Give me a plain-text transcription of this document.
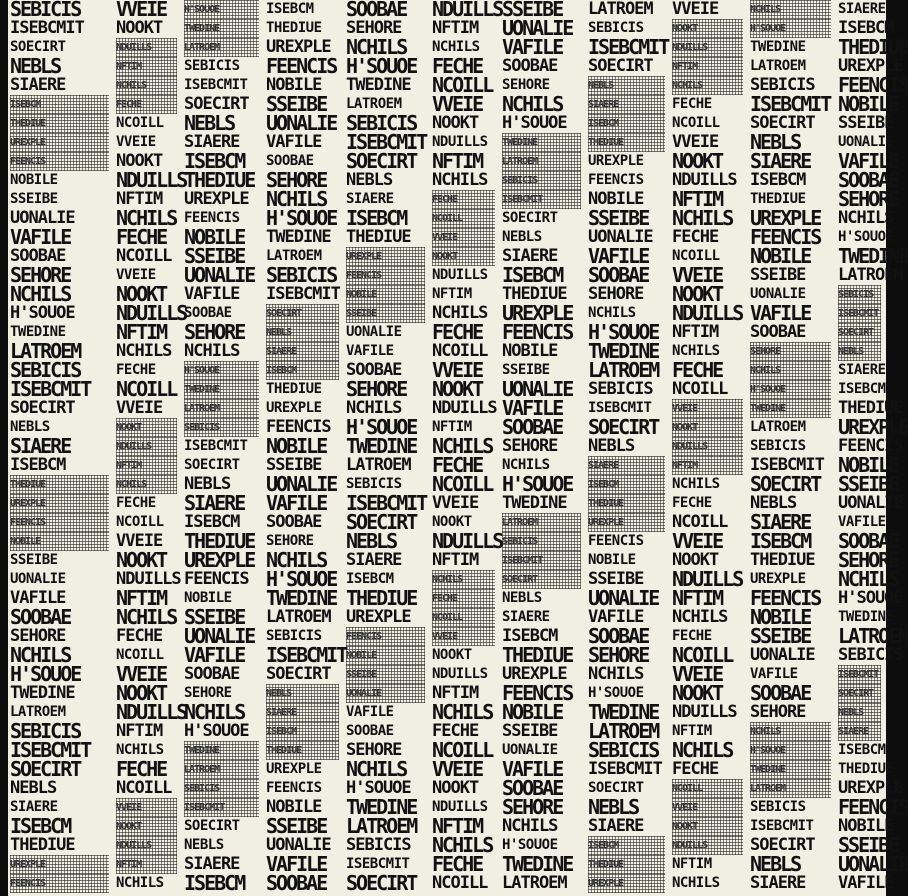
SEBICIS
ISEBCMIT
SOECIRT
NEBLS
SIAERE
ISEBCM
THEDIUE
UREXPLE
FEENCIS
NOBILE
SSEIBE
UONALIE
VAFILE
SOOBAE
SEHORE
NCHILS
H'SOUOE
TWEDINE
LATROEM
SEBICIS
ISEBCMIT
SOECIRT
NEBLS
SIAERE
ISEBCM
THEDIUE
UREXPLE
FEENCIS
NOBILE
SSEIBE
UONALIE
VAFILE
SOOBAE
SEHORE
NCHILS
H'SOUOE
TWEDINE
LATROEM
SEBICIS
ISEBCMIT
SOECIRT
NEBLS
SIAERE
ISEBCM
THEDIUE
UREXPLE
FEENCIS
VVEIE
NOOKT
NDUILLS
NFTIM
NCHILS
FECHE
NCOILL
VVEIE
NOOKT
NDUILLS
NFTIM
NCHILS
FECHE
NCOILL
VVEIE
NOOKT
NDUILLS
NFTIM
NCHILS
FECHE
NCOILL
VVEIE
NOOKT
NDUILLS
NFTIM
NCHILS
FECHE
NCOILL
VVEIE
NOOKT
NDUILLS
NFTIM
NCHILS
FECHE
NCOILL
VVEIE
NOOKT
NDUILLS
NFTIM
NCHILS
FECHE
NCOILL
VVEIE
NOOKT
NDUILLS
NFTIM
NCHILS
H'SOUOE
TWEDINE
LATROEM
SEBICIS
ISEBCMIT
SOECIRT
NEBLS
SIAERE
ISEBCM
THEDIUE
UREXPLE
FEENCIS
NOBILE
SSEIBE
UONALIE
VAFILE
SOOBAE
SEHORE
NCHILS
H'SOUOE
TWEDINE
LATROEM
SEBICIS
ISEBCMIT
SOECIRT
NEBLS
SIAERE
ISEBCM
THEDIUE
UREXPLE
FEENCIS
NOBILE
SSEIBE
UONALIE
VAFILE
SOOBAE
SEHORE
NCHILS
H'SOUOE
TWEDINE
LATROEM
SEBICIS
ISEBCMIT
SOECIRT
NEBLS
SIAERE
ISEBCM
ISEBCM
THEDIUE
UREXPLE
FEENCIS
NOBILE
SSEIBE
UONALIE
VAFILE
SOOBAE
SEHORE
NCHILS
H'SOUOE
TWEDINE
LATROEM
SEBICIS
ISEBCMIT
SOECIRT
NEBLS
SIAERE
ISEBCM
THEDIUE
UREXPLE
FEENCIS
NOBILE
SSEIBE
UONALIE
VAFILE
SOOBAE
SEHORE
NCHILS
H'SOUOE
TWEDINE
LATROEM
SEBICIS
ISEBCMIT
SOECIRT
NEBLS
SIAERE
ISEBCM
THEDIUE
UREXPLE
FEENCIS
NOBILE
SSEIBE
UONALIE
VAFILE
SOOBAE
SOOBAE
SEHORE
NCHILS
H'SOUOE
TWEDINE
LATROEM
SEBICIS
ISEBCMIT
SOECIRT
NEBLS
SIAERE
ISEBCM
THEDIUE
UREXPLE
FEENCIS
NOBILE
SSEIBE
UONALIE
VAFILE
SOOBAE
SEHORE
NCHILS
H'SOUOE
TWEDINE
LATROEM
SEBICIS
ISEBCMIT
SOECIRT
NEBLS
SIAERE
ISEBCM
THEDIUE
UREXPLE
FEENCIS
NOBILE
SSEIBE
UONALIE
VAFILE
SOOBAE
SEHORE
NCHILS
H'SOUOE
TWEDINE
LATROEM
SEBICIS
ISEBCMIT
SOECIRT
NDUILLS
NFTIM
NCHILS
FECHE
NCOILL
VVEIE
NOOKT
NDUILLS
NFTIM
NCHILS
FECHE
NCOILL
VVEIE
NOOKT
NDUILLS
NFTIM
NCHILS
FECHE
NCOILL
VVEIE
NOOKT
NDUILLS
NFTIM
NCHILS
FECHE
NCOILL
VVEIE
NOOKT
NDUILLS
NFTIM
NCHILS
FECHE
NCOILL
VVEIE
NOOKT
NDUILLS
NFTIM
NCHILS
FECHE
NCOILL
VVEIE
NOOKT
NDUILLS
NFTIM
NCHILS
FECHE
NCOILL
SSEIBE
UONALIE
VAFILE
SOOBAE
SEHORE
NCHILS
H'SOUOE
TWEDINE
LATROEM
SEBICIS
ISEBCMIT
SOECIRT
NEBLS
SIAERE
ISEBCM
THEDIUE
UREXPLE
FEENCIS
NOBILE
SSEIBE
UONALIE
VAFILE
SOOBAE
SEHORE
NCHILS
H'SOUOE
TWEDINE
LATROEM
SEBICIS
ISEBCMIT
SOECIRT
NEBLS
SIAERE
ISEBCM
THEDIUE
UREXPLE
FEENCIS
NOBILE
SSEIBE
UONALIE
VAFILE
SOOBAE
SEHORE
NCHILS
H'SOUOE
TWEDINE
LATROEM
LATROEM
SEBICIS
ISEBCMIT
SOECIRT
NEBLS
SIAERE
ISEBCM
THEDIUE
UREXPLE
FEENCIS
NOBILE
SSEIBE
UONALIE
VAFILE
SOOBAE
SEHORE
NCHILS
H'SOUOE
TWEDINE
LATROEM
SEBICIS
ISEBCMIT
SOECIRT
NEBLS
SIAERE
ISEBCM
THEDIUE
UREXPLE
FEENCIS
NOBILE
SSEIBE
UONALIE
VAFILE
SOOBAE
SEHORE
NCHILS
H'SOUOE
TWEDINE
LATROEM
SEBICIS
ISEBCMIT
SOECIRT
NEBLS
SIAERE
ISEBCM
THEDIUE
UREXPLE
VVEIE
NOOKT
NDUILLS
NFTIM
NCHILS
FECHE
NCOILL
VVEIE
NOOKT
NDUILLS
NFTIM
NCHILS
FECHE
NCOILL
VVEIE
NOOKT
NDUILLS
NFTIM
NCHILS
FECHE
NCOILL
VVEIE
NOOKT
NDUILLS
NFTIM
NCHILS
FECHE
NCOILL
VVEIE
NOOKT
NDUILLS
NFTIM
NCHILS
FECHE
NCOILL
VVEIE
NOOKT
NDUILLS
NFTIM
NCHILS
FECHE
NCOILL
VVEIE
NOOKT
NDUILLS
NFTIM
NCHILS
NCHILS
H'SOUOE
TWEDINE
LATROEM
SEBICIS
ISEBCMIT
SOECIRT
NEBLS
SIAERE
ISEBCM
THEDIUE
UREXPLE
FEENCIS
NOBILE
SSEIBE
UONALIE
VAFILE
SOOBAE
SEHORE
NCHILS
H'SOUOE
TWEDINE
LATROEM
SEBICIS
ISEBCMIT
SOECIRT
NEBLS
SIAERE
ISEBCM
THEDIUE
UREXPLE
FEENCIS
NOBILE
SSEIBE
UONALIE
VAFILE
SOOBAE
SEHORE
NCHILS
H'SOUOE
TWEDINE
LATROEM
SEBICIS
ISEBCMIT
SOECIRT
NEBLS
SIAERE
SIAERE
ISEBCM
THEDIUE
UREXPLE
FEENCIS
NOBILE
SSEIBE
UONALIE
VAFILE
SOOBAE
SEHORE
NCHILS
H'SOUOE
TWEDINE
LATROEM
SEBICIS
ISEBCMIT
SOECIRT
NEBLS
SIAERE
ISEBCM
THEDIUE
UREXPLE
FEENCIS
NOBILE
SSEIBE
UONALIE
VAFILE
SOOBAE
SEHORE
NCHILS
H'SOUOE
TWEDINE
LATROEM
SEBICIS
ISEBCMIT
SOECIRT
NEBLS
SIAERE
ISEBCM
THEDIUE
UREXPLE
FEENCIS
NOBILE
SSEIBE
UONALIE
VAFILE
